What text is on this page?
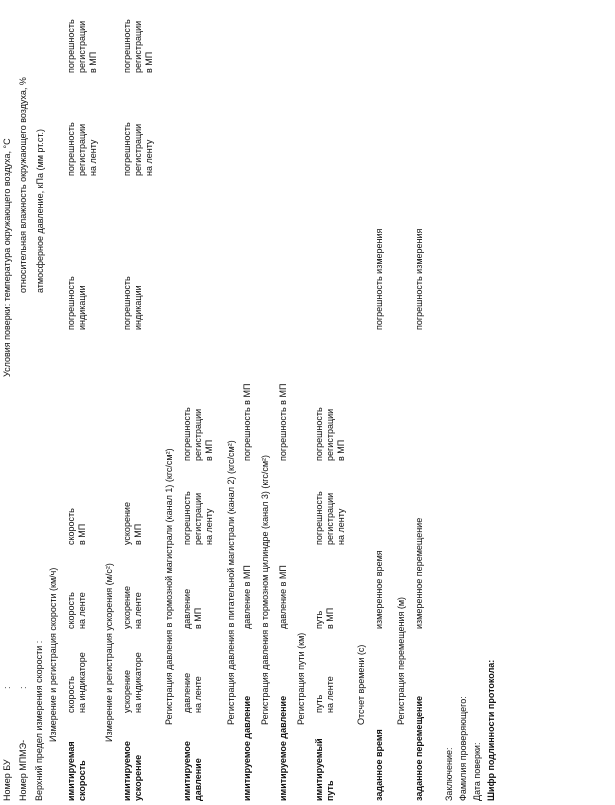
Номер БУ
:
Номер МПМЭ-
: Верхний предел измерения скорости :
Условия поверки: температура окружающего воздуха, °С относительная влажность окружающего воздуха, % атмосферное давление, кПа (мм рт.ст.)
Измерение и регистрация скорости (км/ч)
имитируемая скорость
скорость на индикаторе
скорость на ленте
скорость в МП
погрешность индикации
погрешность регистрации на ленту
погрешность регистрации в МП
Измерение и регистрация ускорения (м/с²)
имитируемое ускорение
ускорение на индикаторе
ускорение на ленте
ускорение в МП
погрешность индикации
погрешность регистрации на ленту
погрешность регистрации в МП
Регистрация давления в тормозной магистрали (канал 1) (кгс/см²)
имитируемое давление
давление на ленте
давление в МП
погрешность регистрации на ленту
погрешность регистрации в МП Регистрация давления в питательной магистрали (канал 2) (кгс/см²)
имитируемое давление
давление в МП
погрешность в МП
Регистрация давления в тормозном цилиндре (канал 3) (кгс/см²)
имитируемое давление
давление в МП
погрешность в МП
Регистрация пути (км)
имитируемый путь
путь на ленте
путь в МП
погрешность регистрации на ленту
погрешность регистрации в МП
Отсчет времени (с)
заданное время
измеренное время
погрешность измерения
Регистрация перемещения (м)
заданное перемещение
измеренное перемещение
погрешность измерения
Заключение: Фамилия проверяющего: Дата поверки: Шифр подлинности протокола:
